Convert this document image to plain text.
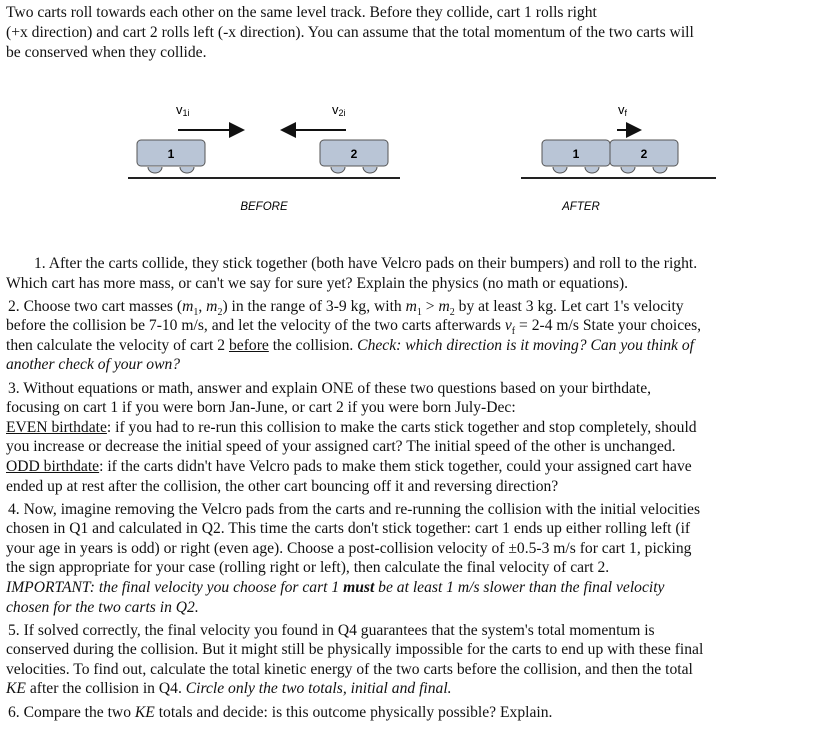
Two carts roll towards each other on the same level track. Before they collide, cart 1 rolls right
(+x direction) and cart 2 rolls left (-x direction). You can assume that the total momentum of the two carts will
be conserved when they collide.
v1i	v2i
1	2
BEFORE
vf
1	2
AFTER
1. After the carts collide, they stick together (both have Velcro pads on their bumpers) and roll to the right.
Which cart has more mass, or can't we say for sure yet? Explain the physics (no math or equations).
2. Choose two cart masses ($m_1$, $m_2$) in the range of 3-9 kg, with $m_1 > m_2$ by at least 3 kg. Let cart 1's velocity
before the collision be 7-10 m/s, and let the velocity of the two carts afterwards $v_f = 2-4$ m/s State your choices,
then calculate the velocity of cart 2 before the collision. Check: which direction is it moving? Can you think of
another check of your own?
3. Without equations or math, answer and explain ONE of these two questions based on your birthdate,
focusing on cart 1 if you were born Jan-June, or cart 2 if you were born July-Dec:
EVEN birthdate: if you had to re-run this collision to make the carts stick together and stop completely, should
you increase or decrease the initial speed of your assigned cart? The initial speed of the other is unchanged.
ODD birthdate: if the carts didn't have Velcro pads to make them stick together, could your assigned cart have
ended up at rest after the collision, the other cart bouncing off it and reversing direction?
4. Now, imagine removing the Velcro pads from the carts and re-running the collision with the initial velocities
chosen in Q1 and calculated in Q2. This time the carts don't stick together: cart 1 ends up either rolling left (if
your age in years is odd) or right (even age). Choose a post-collision velocity of ±0.5-3 m/s for cart 1, picking
the sign appropriate for your case (rolling right or left), then calculate the final velocity of cart 2.
IMPORTANT: the final velocity you choose for cart 1 must be at least 1 m/s slower than the final velocity
chosen for the two carts in Q2.
5. If solved correctly, the final velocity you found in Q4 guarantees that the system's total momentum is
conserved during the collision. But it might still be physically impossible for the carts to end up with these final
velocities. To find out, calculate the total kinetic energy of the two carts before the collision, and then the total
KE after the collision in Q4. Circle only the two totals, initial and final.
6. Compare the two KE totals and decide: is this outcome physically possible? Explain.
